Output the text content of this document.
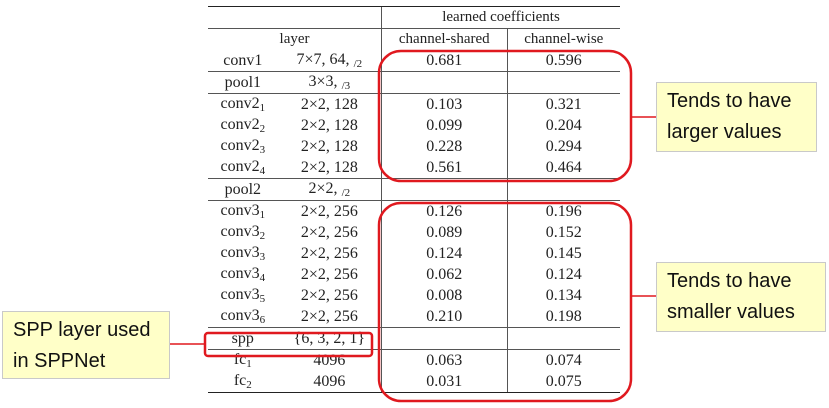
		learned coefficients	
layer		channel-shared	channel-wise
conv1	7×7, 64, $_{/2}$	0.681	0.596
pool1	3×3, $_{/3}$		
$conv2_1$	2×2, 128	0.103	0.321
$conv2_2$	2×2, 128	0.099	0.204
$conv2_3$	2×2, 128	0.228	0.294
$conv2_4$	2×2, 128	0.561	0.464
pool2	2×2, $_{/2}$		
$conv3_1$	2×2, 256	0.126	0.196
$conv3_2$	2×2, 256	0.089	0.152
$conv3_3$	2×2, 256	0.124	0.145
$conv3_4$	2×2, 256	0.062	0.124
$conv3_5$	2×2, 256	0.008	0.134
$conv3_6$	2×2, 256	0.210	0.198
spp	{6, 3, 2, 1}		
$fc_1$	4096	0.063	0.074
$fc_2$	4096	0.031	0.075
Tends to have
larger values
Tends to have
smaller values
SPP layer used
in SPPNet
